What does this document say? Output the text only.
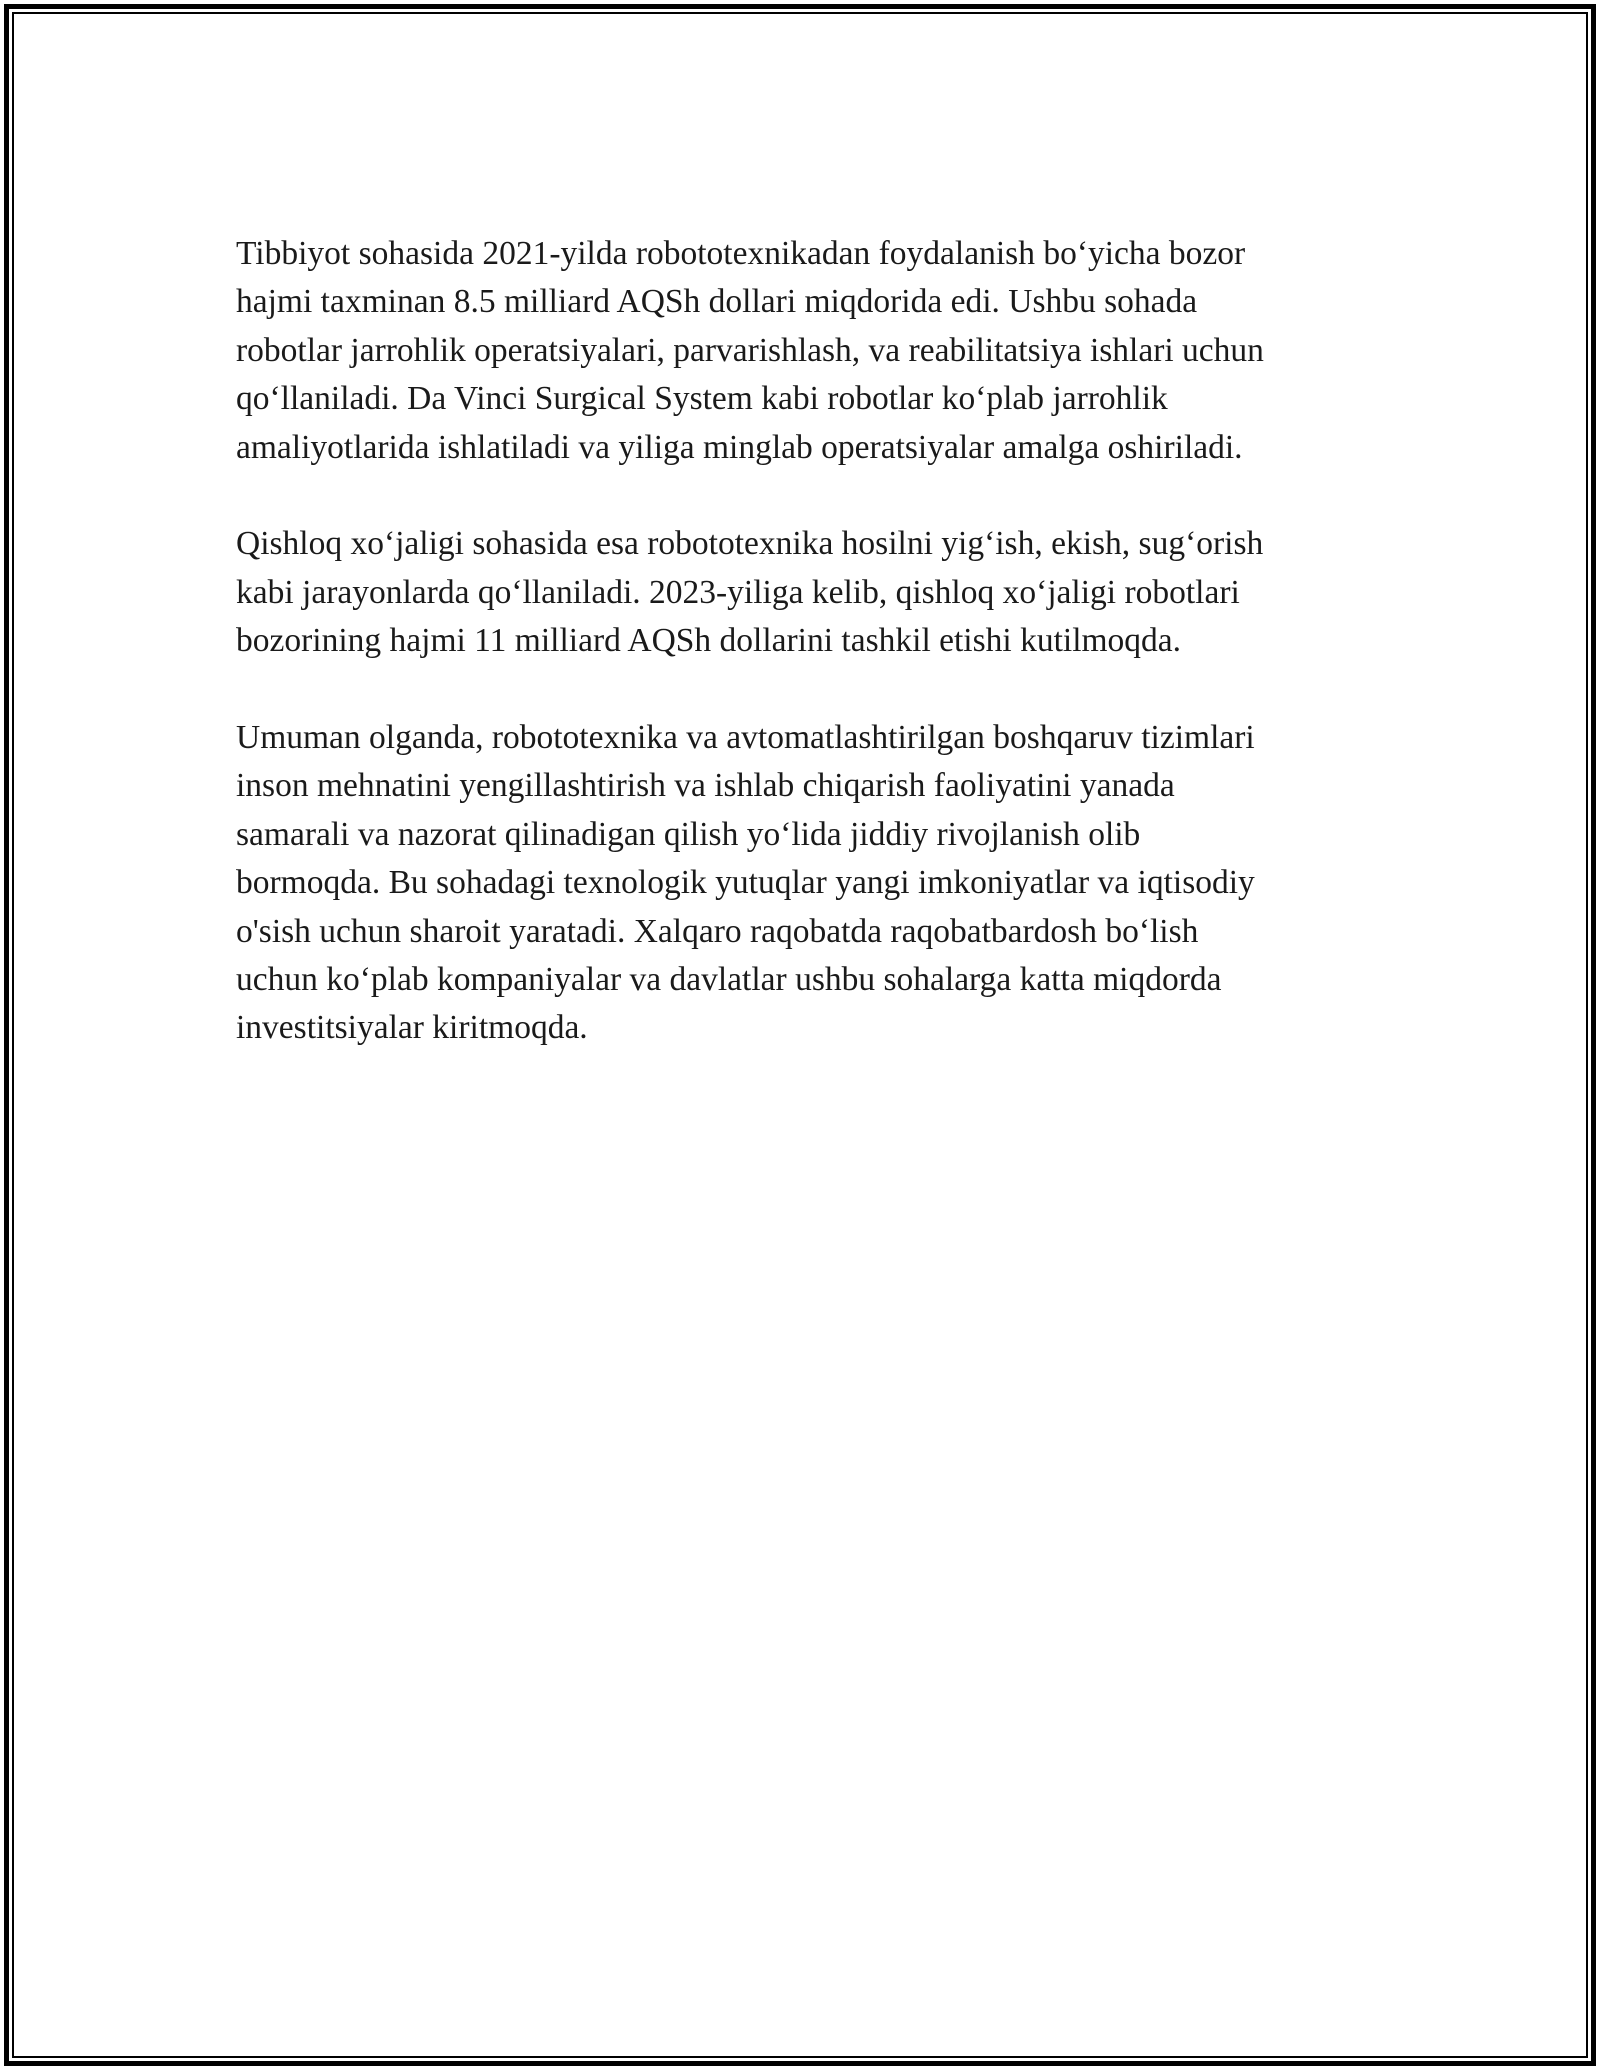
Tibbiyot sohasida 2021-yilda robototexnikadan foydalanish bo‘yicha bozor
hajmi taxminan 8.5 milliard AQSh dollari miqdorida edi. Ushbu sohada
robotlar jarrohlik operatsiyalari, parvarishlash, va reabilitatsiya ishlari uchun
qo‘llaniladi. Da Vinci Surgical System kabi robotlar ko‘plab jarrohlik
amaliyotlarida ishlatiladi va yiliga minglab operatsiyalar amalga oshiriladi.

Qishloq xo‘jaligi sohasida esa robototexnika hosilni yig‘ish, ekish, sug‘orish
kabi jarayonlarda qo‘llaniladi. 2023-yiliga kelib, qishloq xo‘jaligi robotlari
bozorining hajmi 11 milliard AQSh dollarini tashkil etishi kutilmoqda.

Umuman olganda, robototexnika va avtomatlashtirilgan boshqaruv tizimlari
inson mehnatini yengillashtirish va ishlab chiqarish faoliyatini yanada
samarali va nazorat qilinadigan qilish yo‘lida jiddiy rivojlanish olib
bormoqda. Bu sohadagi texnologik yutuqlar yangi imkoniyatlar va iqtisodiy
o'sish uchun sharoit yaratadi. Xalqaro raqobatda raqobatbardosh bo‘lish
uchun ko‘plab kompaniyalar va davlatlar ushbu sohalarga katta miqdorda
investitsiyalar kiritmoqda.
